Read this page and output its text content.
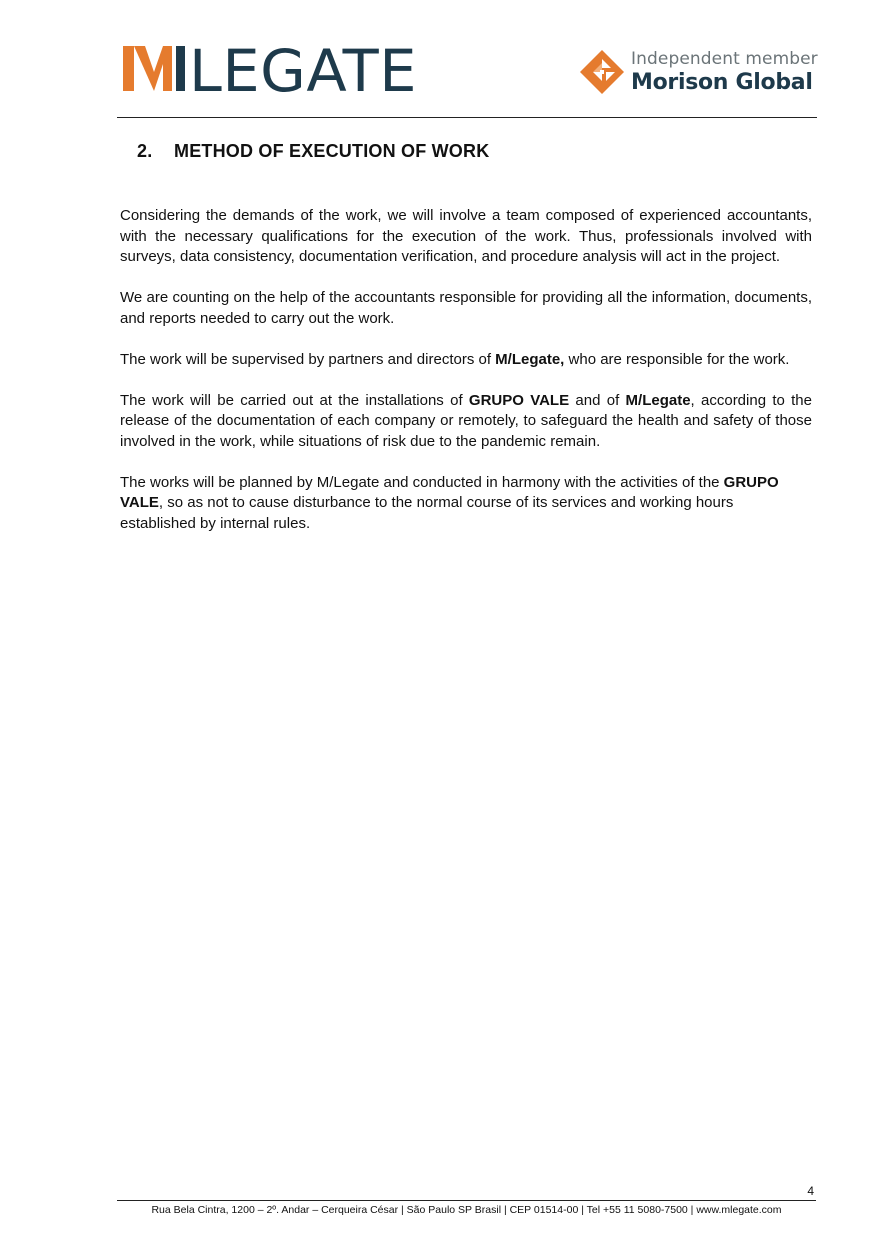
LEGATE	Independent member
Morison Global
2. METHOD OF EXECUTION OF WORK

Considering the demands of the work, we will involve a team composed of experienced accountants, with the necessary qualifications for the execution of the work. Thus, professionals involved with surveys, data consistency, documentation verification, and procedure analysis will act in the project.

We are counting on the help of the accountants responsible for providing all the information, documents, and reports needed to carry out the work.

The work will be supervised by partners and directors of M/Legate, who are responsible for the work.

The work will be carried out at the installations of GRUPO VALE and of M/Legate, according to the release of the documentation of each company or remotely, to safeguard the health and safety of those involved in the work, while situations of risk due to the pandemic remain.

The works will be planned by M/Legate and conducted in harmony with the activities of the GRUPO VALE, so as not to cause disturbance to the normal course of its services and working hours established by internal rules.

4
Rua Bela Cintra, 1200 – 2º. Andar – Cerqueira César | São Paulo SP Brasil | CEP 01514-00 | Tel +55 11 5080-7500 | www.mlegate.com
